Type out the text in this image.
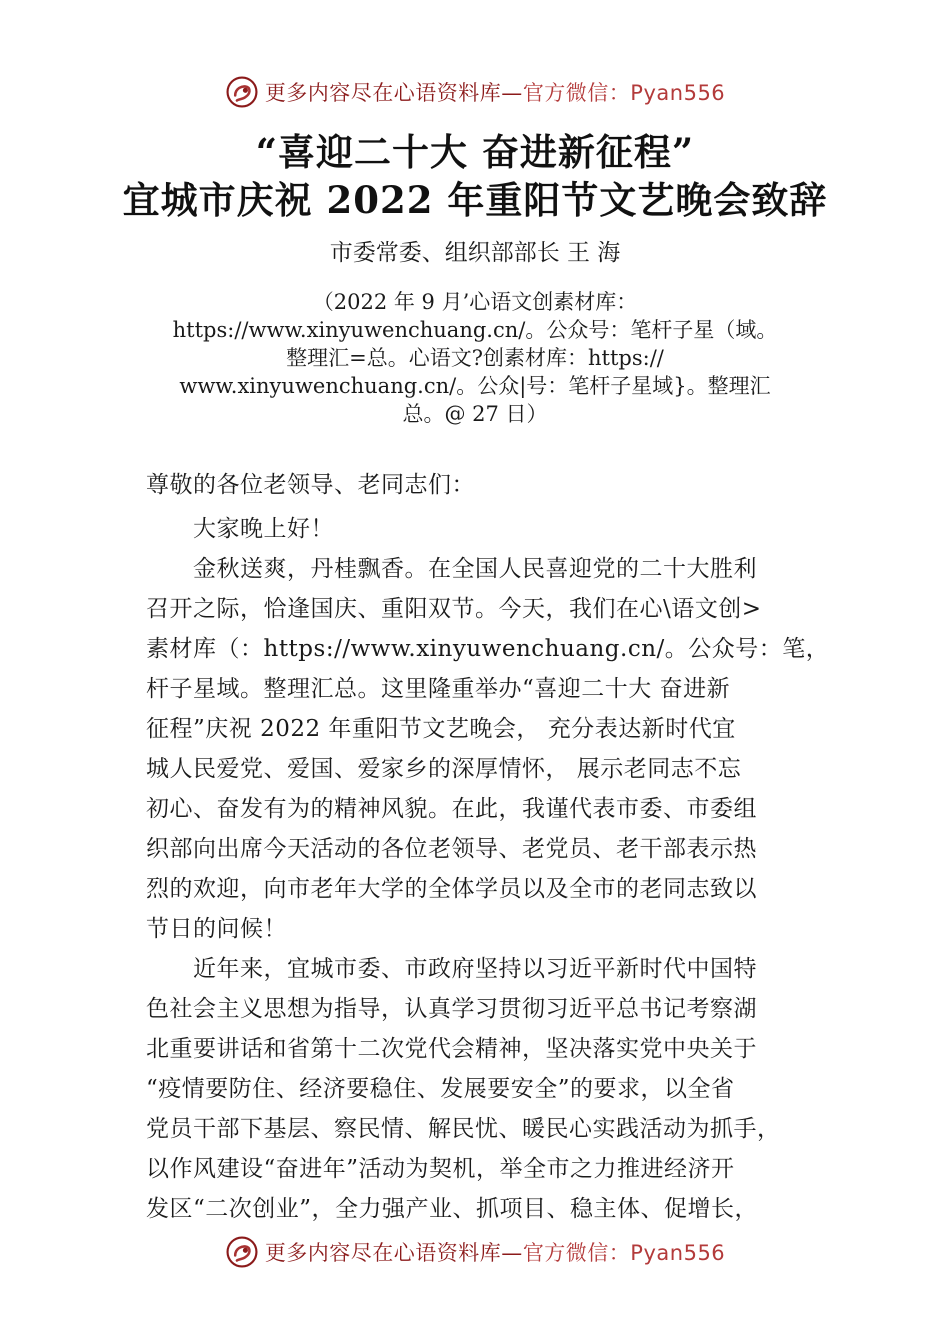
更多内容尽在心语资料库—官方微信：Pyan556
“喜迎二十大 奋进新征程”
宜城市庆祝 2022 年重阳节文艺晚会致辞
市委常委、组织部部长 王 海
（2022 年 9 月’心语文创素材库：
https://www.xinyuwenchuang.cn/。公众号：笔杆子星（域。
整理汇=总。心语文?创素材库：https://
www.xinyuwenchuang.cn/。公众|号：笔杆子星域}。整理汇
总。@ 27 日）
尊敬的各位老领导、老同志们：
大家晚上好！
金秋送爽，丹桂飘香。在全国人民喜迎党的二十大胜利
召开之际，恰逢国庆、重阳双节。今天，我们在心\语文创>
素材库（：https://www.xinyuwenchuang.cn/。公众号：笔，
杆子星域。整理汇总。这里隆重举办“喜迎二十大 奋进新
征程”庆祝 2022 年重阳节文艺晚会， 充分表达新时代宜
城人民爱党、爱国、爱家乡的深厚情怀， 展示老同志不忘
初心、奋发有为的精神风貌。在此，我谨代表市委、市委组
织部向出席今天活动的各位老领导、老党员、老干部表示热
烈的欢迎，向市老年大学的全体学员以及全市的老同志致以
节日的问候！
近年来，宜城市委、市政府坚持以习近平新时代中国特
色社会主义思想为指导，认真学习贯彻习近平总书记考察湖
北重要讲话和省第十二次党代会精神，坚决落实党中央关于
“疫情要防住、经济要稳住、发展要安全”的要求，以全省
党员干部下基层、察民情、解民忧、暖民心实践活动为抓手，
以作风建设“奋进年”活动为契机，举全市之力推进经济开
发区“二次创业”，全力强产业、抓项目、稳主体、促增长，
更多内容尽在心语资料库—官方微信：Pyan556
